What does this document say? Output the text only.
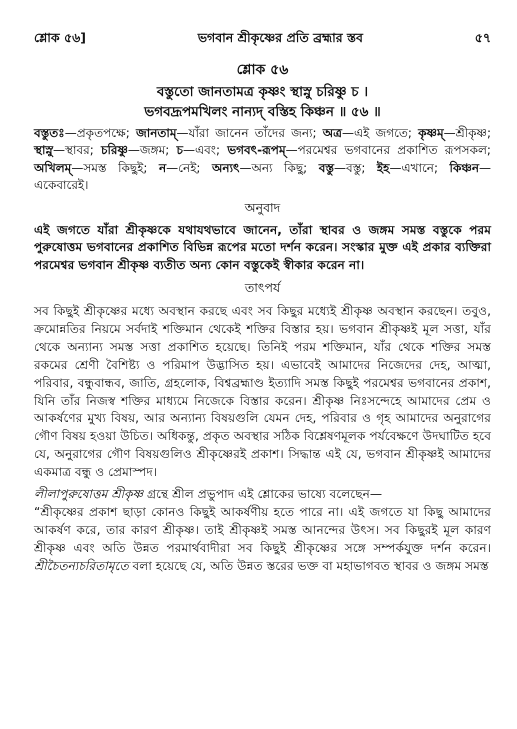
শ্লোক ৫৬]	ভগবান শ্রীকৃষ্ণের প্রতি ব্রহ্মার স্তব	৫৭
শ্লোক ৫৬
বস্তুতো জানতামত্র কৃষ্ণং স্থাস্নু চরিষ্ণু চ ।
ভগবদ্রূপমখিলং নান্যদ্ বস্তিহ কিঞ্চন ॥ ৫৬ ॥
বস্তুতঃ—প্রকৃতপক্ষে; জানতাম্—যাঁরা জানেন তাঁদের জন্য; অত্র—এই জগতে; কৃষ্ণম্—শ্রীকৃষ্ণ; স্থাস্নু—স্থাবর; চরিষ্ণু—জঙ্গম; চ—এবং; ভগবৎ-রূপম্—পরমেশ্বর ভগবানের প্রকাশিত রূপসকল; অখিলম্—সমস্ত কিছুই; ন—নেই; অন্যৎ—অন্য কিছু; বস্তু—বস্তু; ইহ—এখানে; কিঞ্চন—একেবারেই।
অনুবাদ
এই জগতে যাঁরা শ্রীকৃষ্ণকে যথাযথভাবে জানেন, তাঁরা স্থাবর ও জঙ্গম সমস্ত বস্তুকে পরম পুরুষোত্তম ভগবানের প্রকাশিত বিভিন্ন রূপের মতো দর্শন করেন। সংস্কার মুক্ত এই প্রকার ব্যক্তিরা পরমেশ্বর ভগবান শ্রীকৃষ্ণ ব্যতীত অন্য কোন বস্তুকেই স্বীকার করেন না।
তাৎপর্য

সব কিছুই শ্রীকৃষ্ণের মধ্যে অবস্থান করছে এবং সব কিছুর মধ্যেই শ্রীকৃষ্ণ অবস্থান করছেন। তবুও, ক্রমোন্নতির নিয়মে সর্বদাই শক্তিমান থেকেই শক্তির বিস্তার হয়। ভগবান শ্রীকৃষ্ণই মূল সত্তা, যাঁর থেকে অন্যান্য সমস্ত সত্তা প্রকাশিত হয়েছে। তিনিই পরম শক্তিমান, যাঁর থেকে শক্তির সমস্ত রকমের শ্রেণী বৈশিষ্ট্য ও পরিমাপ উদ্ভাসিত হয়। এভাবেই আমাদের নিজেদের দেহ, আত্মা, পরিবার, বন্ধুবান্ধব, জাতি, গ্রহলোক, বিশ্বব্রহ্মাণ্ড ইত্যাদি সমস্ত কিছুই পরমেশ্বর ভগবানের প্রকাশ, যিনি তাঁর নিজস্ব শক্তির মাধ্যমে নিজেকে বিস্তার করেন। শ্রীকৃষ্ণ নিঃসন্দেহে আমাদের প্রেম ও আকর্ষণের মুখ্য বিষয়, আর অন্যান্য বিষয়গুলি যেমন দেহ, পরিবার ও গৃহ আমাদের অনুরাগের গৌণ বিষয় হওয়া উচিত। অধিকন্তু, প্রকৃত অবস্থার সঠিক বিশ্লেষণমূলক পর্যবেক্ষণে উদঘাটিত হবে যে, অনুরাগের গৌণ বিষয়গুলিও শ্রীকৃষ্ণেরই প্রকাশ। সিদ্ধান্ত এই যে, ভগবান শ্রীকৃষ্ণই আমাদের একমাত্র বন্ধু ও প্রেমাস্পদ।

লীলাপুরুষোত্তম শ্রীকৃষ্ণ গ্রন্থে শ্রীল প্রভুপাদ এই শ্লোকের ভাষ্যে বলেছেন—
“শ্রীকৃষ্ণের প্রকাশ ছাড়া কোনও কিছুই আকর্ষণীয় হতে পারে না। এই জগতে যা কিছু আমাদের আকর্ষণ করে, তার কারণ শ্রীকৃষ্ণ। তাই শ্রীকৃষ্ণই সমস্ত আনন্দের উৎস। সব কিছুরই মূল কারণ শ্রীকৃষ্ণ এবং অতি উন্নত পরমার্থবাদীরা সব কিছুই শ্রীকৃষ্ণের সঙ্গে সম্পর্কযুক্ত দর্শন করেন। শ্রীচৈতন্যচরিতামৃতে বলা হয়েছে যে, অতি উন্নত স্তরের ভক্ত বা মহাভাগবত স্থাবর ও জঙ্গম সমস্ত
